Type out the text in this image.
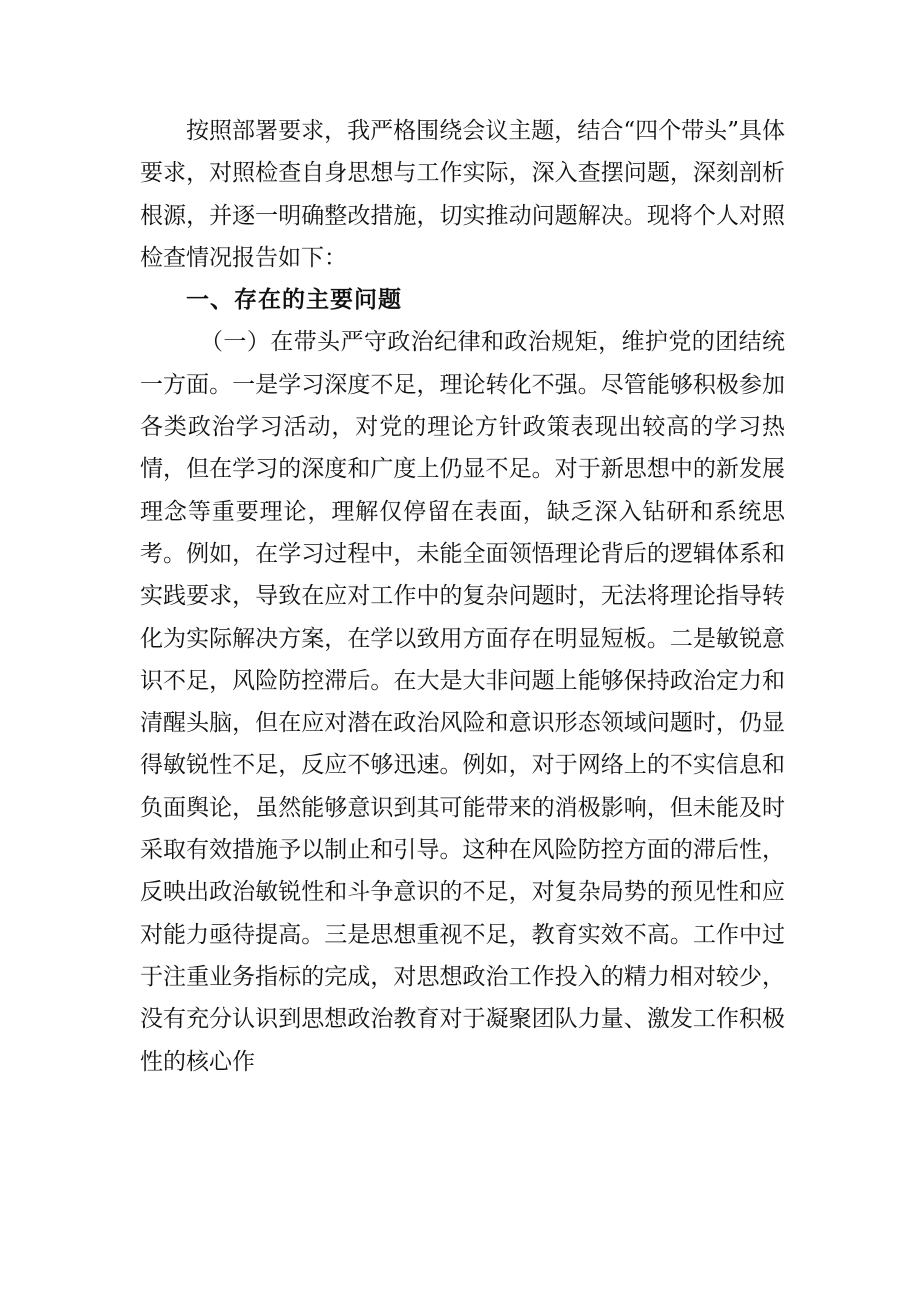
按照部署要求，我严格围绕会议主题，结合“四个带头”具体要求，对照检查自身思想与工作实际，深入查摆问题，深刻剖析根源，并逐一明确整改措施，切实推动问题解决。现将个人对照检查情况报告如下：

一、存在的主要问题

（一）在带头严守政治纪律和政治规矩，维护党的团结统一方面。一是学习深度不足，理论转化不强。尽管能够积极参加各类政治学习活动，对党的理论方针政策表现出较高的学习热情，但在学习的深度和广度上仍显不足。对于新思想中的新发展理念等重要理论，理解仅停留在表面，缺乏深入钻研和系统思考。例如，在学习过程中，未能全面领悟理论背后的逻辑体系和实践要求，导致在应对工作中的复杂问题时，无法将理论指导转化为实际解决方案，在学以致用方面存在明显短板。二是敏锐意识不足，风险防控滞后。在大是大非问题上能够保持政治定力和清醒头脑，但在应对潜在政治风险和意识形态领域问题时，仍显得敏锐性不足，反应不够迅速。例如，对于网络上的不实信息和负面舆论，虽然能够意识到其可能带来的消极影响，但未能及时采取有效措施予以制止和引导。这种在风险防控方面的滞后性，反映出政治敏锐性和斗争意识的不足，对复杂局势的预见性和应对能力亟待提高。三是思想重视不足，教育实效不高。工作中过于注重业务指标的完成，对思想政治工作投入的精力相对较少，没有充分认识到思想政治教育对于凝聚团队力量、激发工作积极性的核心作
